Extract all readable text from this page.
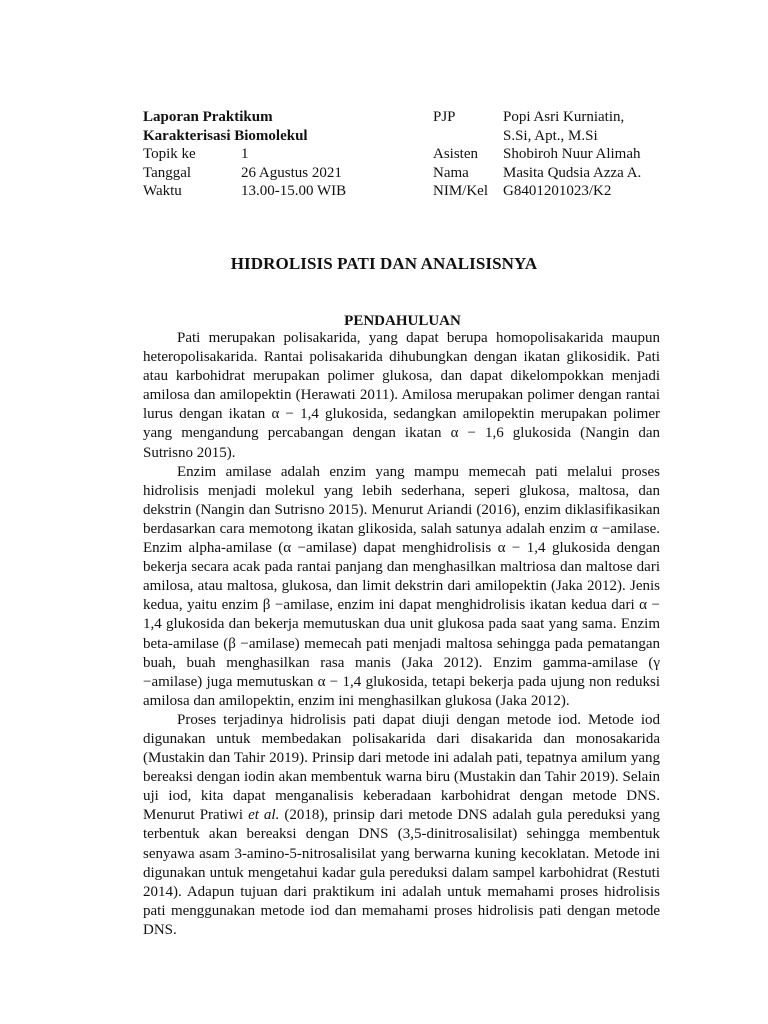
Laporan Praktikum
Karakterisasi Biomolekul
Topik ke	1
Tanggal	26 Agustus 2021
Waktu	13.00-15.00 WIB
PJP	Popi Asri Kurniatin,
S.Si, Apt., M.Si
Asisten	Shobiroh Nuur Alimah
Nama	Masita Qudsia Azza A.
NIM/Kel	G8401201023/K2
HIDROLISIS PATI DAN ANALISISNYA
PENDAHULUAN

Pati merupakan polisakarida, yang dapat berupa homopolisakarida maupun heteropolisakarida. Rantai polisakarida dihubungkan dengan ikatan glikosidik. Pati atau karbohidrat merupakan polimer glukosa, dan dapat dikelompokkan menjadi amilosa dan amilopektin (Herawati 2011). Amilosa merupakan polimer dengan rantai lurus dengan ikatan α − 1,4 glukosida, sedangkan amilopektin merupakan polimer yang mengandung percabangan dengan ikatan α − 1,6 glukosida (Nangin dan Sutrisno 2015).

Enzim amilase adalah enzim yang mampu memecah pati melalui proses hidrolisis menjadi molekul yang lebih sederhana, seperi glukosa, maltosa, dan dekstrin (Nangin dan Sutrisno 2015). Menurut Ariandi (2016), enzim diklasifikasikan berdasarkan cara memotong ikatan glikosida, salah satunya adalah enzim α −amilase. Enzim alpha-amilase (α −amilase) dapat menghidrolisis α − 1,4 glukosida dengan bekerja secara acak pada rantai panjang dan menghasilkan maltriosa dan maltose dari amilosa, atau maltosa, glukosa, dan limit dekstrin dari amilopektin (Jaka 2012). Jenis kedua, yaitu enzim β −amilase, enzim ini dapat menghidrolisis ikatan kedua dari α − 1,4 glukosida dan bekerja memutuskan dua unit glukosa pada saat yang sama. Enzim beta-amilase (β −amilase) memecah pati menjadi maltosa sehingga pada pematangan buah, buah menghasilkan rasa manis (Jaka 2012). Enzim gamma-amilase (γ −amilase) juga memutuskan α − 1,4 glukosida, tetapi bekerja pada ujung non reduksi amilosa dan amilopektin, enzim ini menghasilkan glukosa (Jaka 2012).

Proses terjadinya hidrolisis pati dapat diuji dengan metode iod. Metode iod digunakan untuk membedakan polisakarida dari disakarida dan monosakarida (Mustakin dan Tahir 2019). Prinsip dari metode ini adalah pati, tepatnya amilum yang bereaksi dengan iodin akan membentuk warna biru (Mustakin dan Tahir 2019). Selain uji iod, kita dapat menganalisis keberadaan karbohidrat dengan metode DNS. Menurut Pratiwi et al. (2018), prinsip dari metode DNS adalah gula pereduksi yang terbentuk akan bereaksi dengan DNS (3,5-dinitrosalisilat) sehingga membentuk senyawa asam 3-amino-5-nitrosalisilat yang berwarna kuning kecoklatan. Metode ini digunakan untuk mengetahui kadar gula pereduksi dalam sampel karbohidrat (Restuti 2014). Adapun tujuan dari praktikum ini adalah untuk memahami proses hidrolisis pati menggunakan metode iod dan memahami proses hidrolisis pati dengan metode DNS.
